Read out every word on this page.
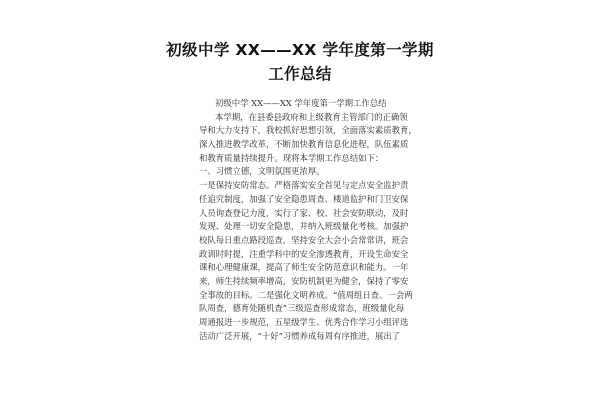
初级中学 XX——XX 学年度第一学期
工作总结
初级中学 XX——XX 学年度第一学期工作总结
本学期，在县委县政府和上级教育主管部门的正确领
导和大力支持下，我校抓好思想引领，全面落实素质教育，
深入推进教学改革，不断加快教育信息化进程，队伍素质
和教育质量持续提升。现将本学期工作总结如下：
一、习惯立德，文明氛围更浓厚。
一是保持安防常态。严格落实安全首见与定点安全监护责
任追究制度，加强了安全隐患周查、楼道监护和门卫安保
人员询查登记力度，实行了家、校、社会安防联动，及时
发现、处理一切安全隐患，并纳入班级量化考核。加强护
校队每日重点路段巡查，坚持安全大会小会常常讲，班会
政训时时提，注重学科中的安全渗透教育，开设生命安全
课和心理健康课，提高了师生安全防范意识和能力。一年
来，师生持续频率增高，安防机制更为健全，保持了零安
全事故的目标。二是强化文明养成。“值周组日查、一会两
队周查，德育处随机查”三级巡查形成常态，班级量化每
周通报进一步规范，五星级学生、优秀合作学习小组评选
活动广泛开展，“十好”习惯养成每周有序推进，展出了
